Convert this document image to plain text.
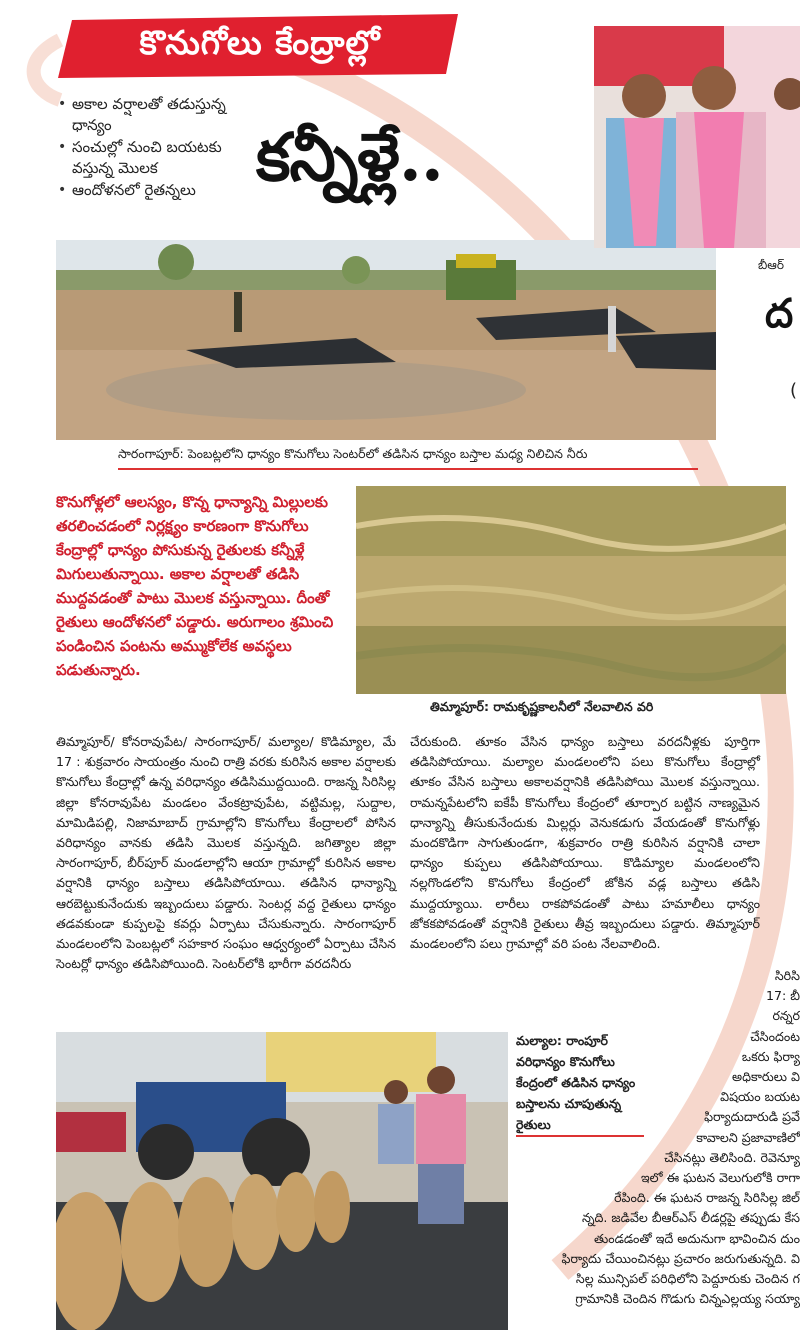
కొనుగోలు కేంద్రాల్లో
• అకాల వర్షాలతో తడుస్తున్న ధాన్యం
• సంచుల్లో నుంచి బయటకు వస్తున్న మొలక
• ఆందోళనలో రైతన్నలు కన్నీళ్లే..
సారంగాపూర్: పెంబట్లలోని ధాన్యం కొనుగోలు సెంటర్‌లో తడిసిన ధాన్యం బస్తాల మధ్య నిలిచిన నీరు
బీఆర్
ద
(
కొనుగోళ్లలో ఆలస్యం, కొన్న ధాన్యాన్ని మిల్లులకు తరలించడంలో నిర్లక్ష్యం కారణంగా కొనుగోలు కేంద్రాల్లో ధాన్యం పోసుకున్న రైతులకు కన్నీళ్లే మిగులుతున్నాయి. అకాల వర్షాలతో తడిసి ముద్దవడంతో పాటు మొలక వస్తున్నాయి. దీంతో రైతులు ఆందోళనలో పడ్డారు. అరుగాలం శ్రమించి పండించిన పంటను అమ్ముకోలేక అవస్థలు పడుతున్నారు.
తిమ్మాపూర్: రామకృష్ణకాలనీలో నేలవాలిన వరి
తిమ్మాపూర్/ కోనరావుపేట/ సారంగాపూర్/ మల్యాల/ కొడిమ్యాల, మే 17 : శుక్రవారం సాయంత్రం నుంచి రాత్రి వరకు కురిసిన అకాల వర్షాలకు కొనుగోలు కేంద్రాల్లో ఉన్న వరిధాన్యం తడిసిముద్దయింది. రాజన్న సిరిసిల్ల జిల్లా కోనరావుపేట మండలం వేంకట్రావుపేట, వట్టిమల్ల, సుద్దాల, మామిడిపల్లి, నిజామాబాద్ గ్రామాల్లోని కొనుగోలు కేంద్రాలలో పోసిన వరిధాన్యం వానకు తడిసి మొలక వస్తున్నది. జగిత్యాల జిల్లా సారంగాపూర్, బీర్‌పూర్ మండలాల్లోని ఆయా గ్రామాల్లో కురిసిన అకాల వర్షానికి ధాన్యం బస్తాలు తడిసిపోయాయి. తడిసిన ధాన్యాన్ని ఆరబెట్టుకునేందుకు ఇబ్బందులు పడ్డారు. సెంటర్ల వద్ద రైతులు ధాన్యం తడవకుండా కుప్పలపై కవర్లు ఏర్పాటు చేసుకున్నారు. సారంగాపూర్ మండలంలోని పెంబట్లలో సహకార సంఘం ఆధ్వర్యంలో ఏర్పాటు చేసిన సెంటర్లో ధాన్యం తడిసిపోయింది. సెంటర్‌లోకి భారీగా వరదనీరు
చేరుకుంది. తూకం వేసిన ధాన్యం బస్తాలు వరదనీళ్లకు పూర్తిగా తడిసిపోయాయి. మల్యాల మండలంలోని పలు కొనుగోలు కేంద్రాల్లో తూకం వేసిన బస్తాలు అకాలవర్షానికి తడిసిపోయి మొలక వస్తున్నాయి. రామన్నపేటలోని ఐకేపీ కొనుగోలు కేంద్రంలో తూర్పార బట్టిన నాణ్యమైన ధాన్యాన్ని తీసుకునేందుకు మిల్లర్లు వెనుకడుగు వేయడంతో కొనుగోళ్లు మందకొడిగా సాగుతుండగా, శుక్రవారం రాత్రి కురిసిన వర్షానికి చాలా ధాన్యం కుప్పలు తడిసిపోయాయి. కొడిమ్యాల మండలంలోని నల్లగొండలోని కొనుగోలు కేంద్రంలో జోకిన వడ్ల బస్తాలు తడిసి ముద్దయ్యాయి. లారీలు రాకపోవడంతో పాటు హమాలీలు ధాన్యం జోకకపోవడంతో వర్షానికి రైతులు తీవ్ర ఇబ్బందులు పడ్డారు. తిమ్మాపూర్ మండలంలోని పలు గ్రామాల్లో వరి పంట నేలవాలింది.
మల్యాల: రాంపూర్ వరిధాన్యం కొనుగోలు కేంద్రంలో తడిసిన ధాన్యం బస్తాలను చూపుతున్న రైతులు
సిరిసి
17: బీ
రన్నర
చేసిందంట
ఒకరు ఫిర్యా
అధికారులు వి
విషయం బయట
ఫిర్యాదుదారుడి ప్రవే
కావాలని ప్రజావాణిలో
చేసినట్లు తెలిసింది. రెవెన్యూ
ఇలో ఈ ఘటన వెలుగులోకి రాగా
రేపింది. ఈ ఘటన రాజన్న సిరిసిల్ల జిల్
న్నది. జడివేల బీఆర్ఎస్ లీడర్లపై తప్పుడు కేస
తుండడంతో ఇదే అదునుగా భావించిన దుం
ఫిర్యాదు చేయించినట్లు ప్రచారం జరుగుతున్నది. వి
సిల్ల మున్సిపల్ పరిధిలోని పెద్దూరుకు చెందిన గ
గ్రామానికి చెందిన గొడుగు చిన్నఎల్లయ్య సయ్యా
